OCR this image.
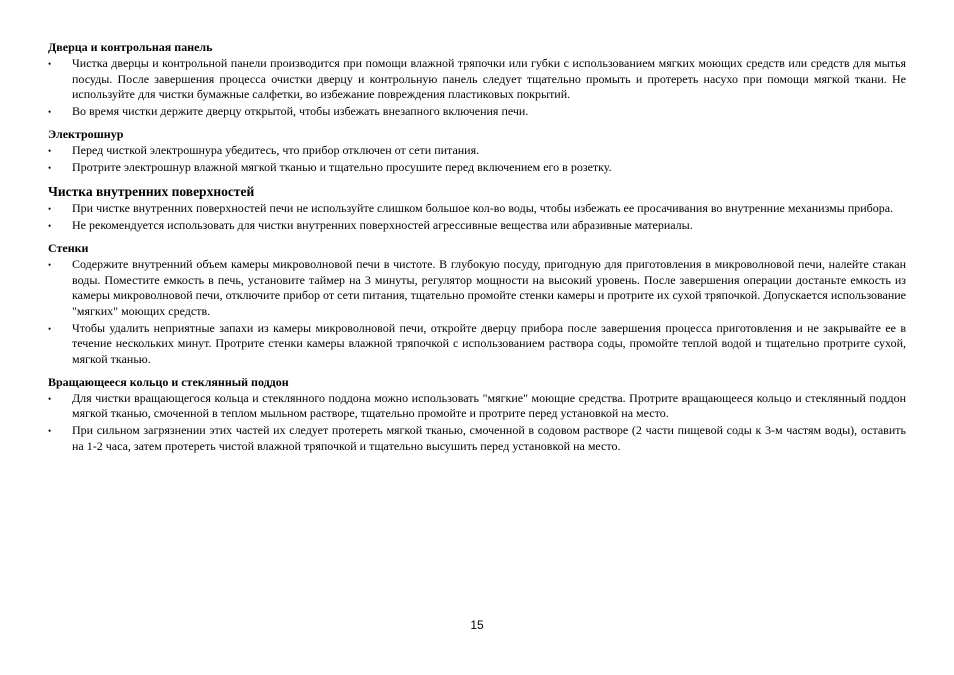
Дверца и контрольная панель
• Чистка дверцы и контрольной панели производится при помощи влажной тряпочки или губки с использованием мягких моющих средств или средств для мытья посуды. После завершения процесса очистки дверцу и контрольную панель следует тщательно промыть и протереть насухо при помощи мягкой ткани. Не используйте для чистки бумажные салфетки, во избежание повреждения пластиковых покрытий.
• Во время чистки держите дверцу открытой, чтобы избежать внезапного включения печи.
Электрошнур
• Перед чисткой электрошнура убедитесь, что прибор отключен от сети питания.
• Протрите электрошнур влажной мягкой тканью и тщательно просушите перед включением его в розетку.
Чистка внутренних поверхностей
• При чистке внутренних поверхностей печи не используйте слишком большое кол-во воды, чтобы избежать ее просачивания во внутренние механизмы прибора.
• Не рекомендуется использовать для чистки внутренних поверхностей агрессивные вещества или абразивные материалы.
Стенки
• Содержите внутренний объем камеры микроволновой печи в чистоте. В глубокую посуду, пригодную для приготовления в микроволновой печи, налейте стакан воды. Поместите емкость в печь, установите таймер на 3 минуты, регулятор мощности на высокий уровень. После завершения операции достаньте емкость из камеры микроволновой печи, отключите прибор от сети питания, тщательно промойте стенки камеры и протрите их сухой тряпочкой. Допускается использование "мягких" моющих средств.
• Чтобы удалить неприятные запахи из камеры микроволновой печи, откройте дверцу прибора после завершения процесса приготовления и не закрывайте ее в течение нескольких минут. Протрите стенки камеры влажной тряпочкой с использованием раствора соды, промойте теплой водой и тщательно протрите сухой, мягкой тканью.
Вращающееся кольцо и стеклянный поддон
• Для чистки вращающегося кольца и стеклянного поддона можно использовать "мягкие" моющие средства. Протрите вращающееся кольцо и стеклянный поддон мягкой тканью, смоченной в теплом мыльном растворе, тщательно промойте и протрите перед установкой на место.
• При сильном загрязнении этих частей их следует протереть мягкой тканью, смоченной в содовом растворе (2 части пищевой соды к 3-м частям воды), оставить на 1-2 часа, затем протереть чистой влажной тряпочкой и тщательно высушить перед установкой на место.
15
